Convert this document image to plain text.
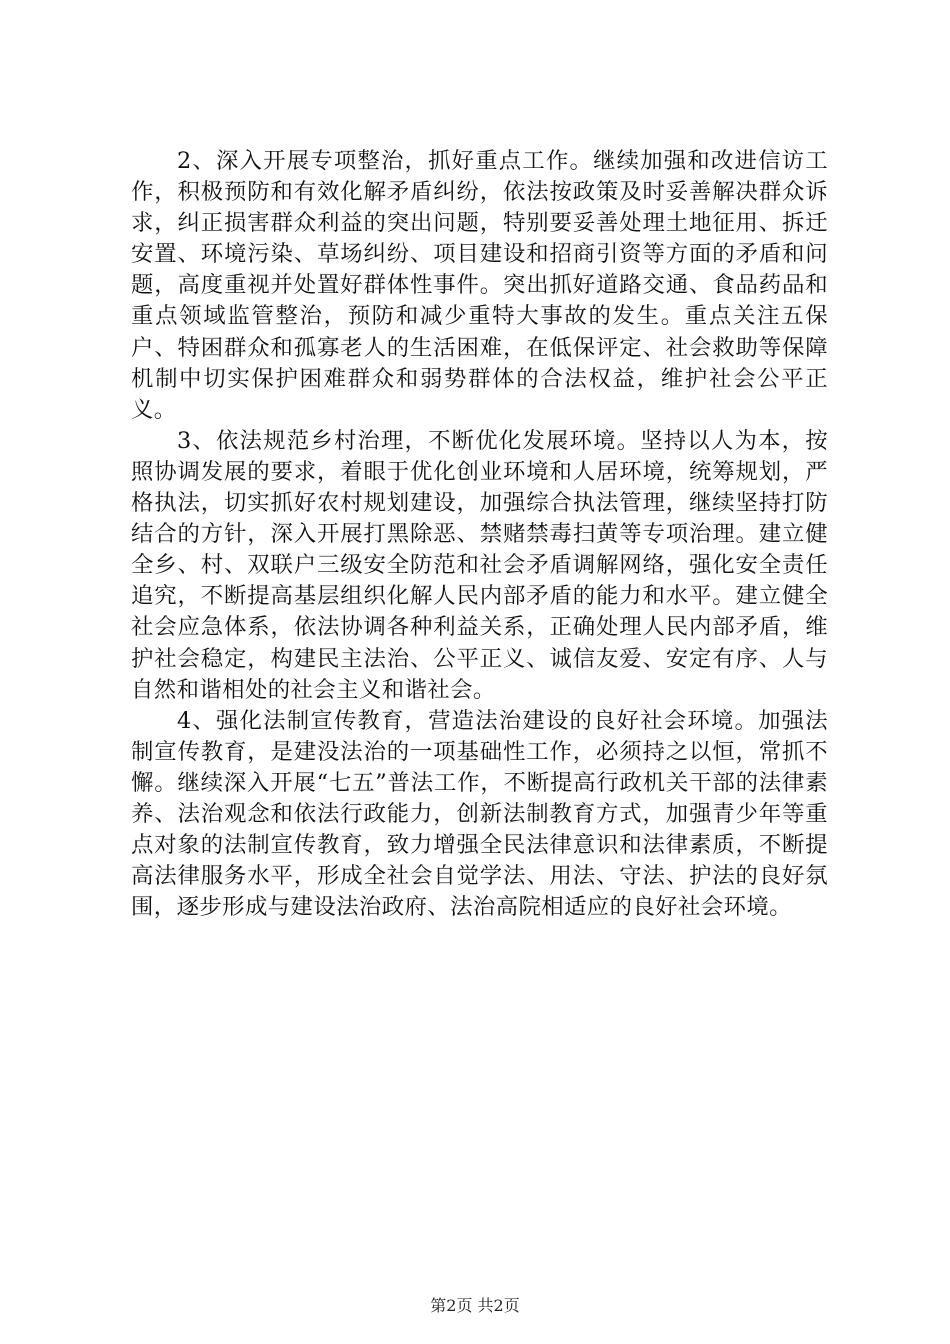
2、深入开展专项整治，抓好重点工作。继续加强和改进信访工作，积极预防和有效化解矛盾纠纷，依法按政策及时妥善解决群众诉求，纠正损害群众利益的突出问题，特别要妥善处理土地征用、拆迁安置、环境污染、草场纠纷、项目建设和招商引资等方面的矛盾和问题，高度重视并处置好群体性事件。突出抓好道路交通、食品药品和重点领域监管整治，预防和减少重特大事故的发生。重点关注五保户、特困群众和孤寡老人的生活困难，在低保评定、社会救助等保障机制中切实保护困难群众和弱势群体的合法权益，维护社会公平正义。

3、依法规范乡村治理，不断优化发展环境。坚持以人为本，按照协调发展的要求，着眼于优化创业环境和人居环境，统筹规划，严格执法，切实抓好农村规划建设，加强综合执法管理，继续坚持打防结合的方针，深入开展打黑除恶、禁赌禁毒扫黄等专项治理。建立健全乡、村、双联户三级安全防范和社会矛盾调解网络，强化安全责任追究，不断提高基层组织化解人民内部矛盾的能力和水平。建立健全社会应急体系，依法协调各种利益关系，正确处理人民内部矛盾，维护社会稳定，构建民主法治、公平正义、诚信友爱、安定有序、人与自然和谐相处的社会主义和谐社会。

4、强化法制宣传教育，营造法治建设的良好社会环境。加强法制宣传教育，是建没法治的一项基础性工作，必须持之以恒，常抓不懈。继续深入开展“七五”普法工作，不断提高行政机关干部的法律素养、法治观念和依法行政能力，创新法制教育方式，加强青少年等重点对象的法制宣传教育，致力增强全民法律意识和法律素质，不断提高法律服务水平，形成全社会自觉学法、用法、守法、护法的良好氛围，逐步形成与建设法治政府、法治高院相适应的良好社会环境。

第2页 共2页
